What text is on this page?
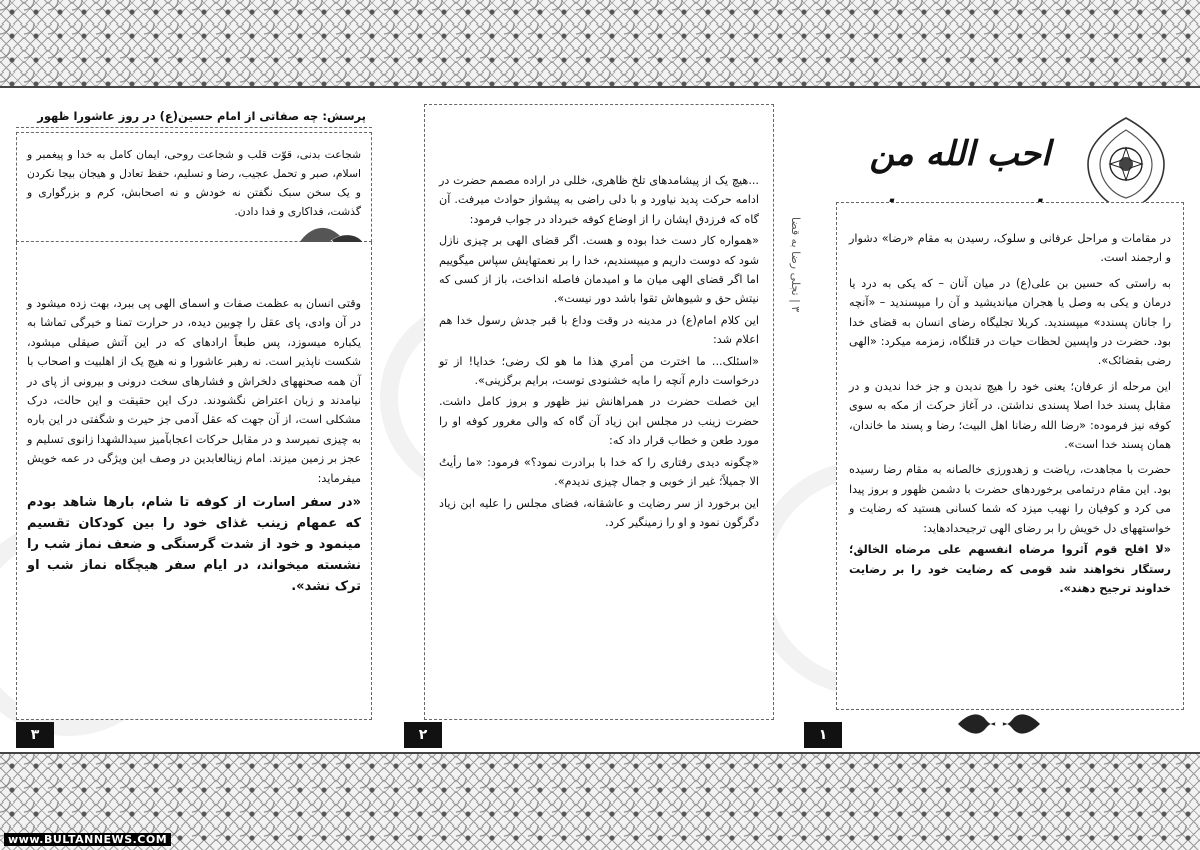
پرسش: چه صفاتی از امام حسین(ع) در روز عاشورا ظهور
شجاعت بدنی، قوّت قلب و شجاعت روحی، ایمان کامل به خدا و پیغمبر و اسلام، صبر و تحمل عجیب، رضا و تسلیم، حفظ تعادل و هیجان بیجا نکردن و یک سخن سبک نگفتن نه خودش و نه اصحابش، کرم و بزرگواری و گذشت، فداکاری و فدا دادن.
وقتی انسان به عظمت صفات و اسمای الهی پی ببرد، بهت زده میشود و در آن وادی، پای عقل را چوبین دیده، در حرارت تمنا و خیرگی تماشا به یکباره میسوزد، پس طبعاً ارادهای که در این آتش صیقلی میشود، شکست ناپذیر است. نه رهبر عاشورا و نه هیچ یک از اهلبیت و اصحاب با آن همه صحنههای دلخراش و فشارهای سخت درونی و بیرونی از پای در نیامدند و زبان اعتراض نگشودند. درک این حقیقت و این حالت، درک مشکلی است، از آن جهت که عقل آدمی جز حیرت و شگفتی در این باره به چیزی نمیرسد و در مقابل حرکات اعجابآمیز سیدالشهدا زانوی تسلیم و عجز بر زمین میزند. امام زینالعابدین در وصف این ویژگی در عمه خویش میفرماید:
«در سفر اسارت از کوفه تا شام، بارها شاهد بودم که عمهام زینب غذای خود را بین کودکان تقسیم مینمود و خود از شدت گرسنگی و ضعف نماز شب را نشسته میخواند، در ایام سفر هیچگاه نماز شب او ترک نشد».
۳

...هیچ یک از پیشامدهای تلخ ظاهری، خللی در اراده مصمم حضرت در ادامه حرکت پدید نیاورد و با دلی راضی به پیشواز حوادث میرفت. آن گاه که فرزدق ایشان را از اوضاع کوفه خبرداد در جواب فرمود:

«همواره کار دست خدا بوده و هست. اگر قضای الهی بر چیزی نازل شود که دوست داریم و میپسندیم، خدا را بر نعمتهایش سپاس میگوییم اما اگر قضای الهی میان ما و امیدمان فاصله انداخت، باز از کسی که نیتش حق و شیوهاش تقوا باشد دور نیست».

این کلام امام(ع) در مدینه در وقت وداع با قبر جدش رسول خدا هم اعلام شد:

«اسئلک... ما اخترت من أمري هذا ما هو لک رضی؛ خدایا! از تو درخواست دارم آنچه را مایه خشنودی توست، برایم برگزینی».

این خصلت حضرت در همراهانش نیز ظهور و بروز کامل داشت. حضرت زینب در مجلس ابن زیاد آن گاه که والی مغرور کوفه او را مورد طعن و خطاب قرار داد که:

«چگونه دیدی رفتاری را که خدا با برادرت نمود؟» فرمود: «ما رأیتُ الا جمیلاً؛ غیر از خوبی و جمال چیزی ندیدم».

این برخورد از سر رضایت و عاشقانه، فضای مجلس را علیه ابن زیاد دگرگون نمود و او را زمینگیر کرد.

۲
۳ | تجلی رضا به قضا
احب الله من

در مقامات و مراحل عرفانی و سلوک، رسیدن به مقام «رضا» دشوار و ارجمند است.

به راستی که حسین بن علی(ع) در میان آنان – که یکی به درد یا درمان و یکی به وصل یا هجران میاندیشید و آن را میپسندید – «آنچه را جانان پسندد» میپسندید. کربلا تجلیگاه رضای انسان به قضای خدا بود. حضرت در واپسین لحظات حیات در قتلگاه، زمزمه میکرد: «الهی رضی بقضائک».

این مرحله از عرفان؛ یعنی خود را هیچ ندیدن و جز خدا ندیدن و در مقابل پسند خدا اصلا پسندی نداشتن. در آغاز حرکت از مکه به سوی کوفه نیز فرموده: «رضا الله رضانا اهل البیت؛ رضا و پسند ما خاندان، همان پسند خدا است».

حضرت با مجاهدت، ریاضت و زهدورزی خالصانه به مقام رضا رسیده بود. این مقام درتمامی برخوردهای حضرت با دشمن ظهور و بروز پیدا می کرد و کوفیان را نهیب میزد که شما کسانی هستید که رضایت و خواستههای دل خویش را بر رضای الهی ترجیحدادهاید:

«لا افلح قوم آثروا مرضاه انفسهم علی مرضاه الخالق؛ رستگار نخواهند شد قومی که رضایت خود را بر رضایت خداوند ترجیح دهند».

۱
www.BULTANNEWS.COM
